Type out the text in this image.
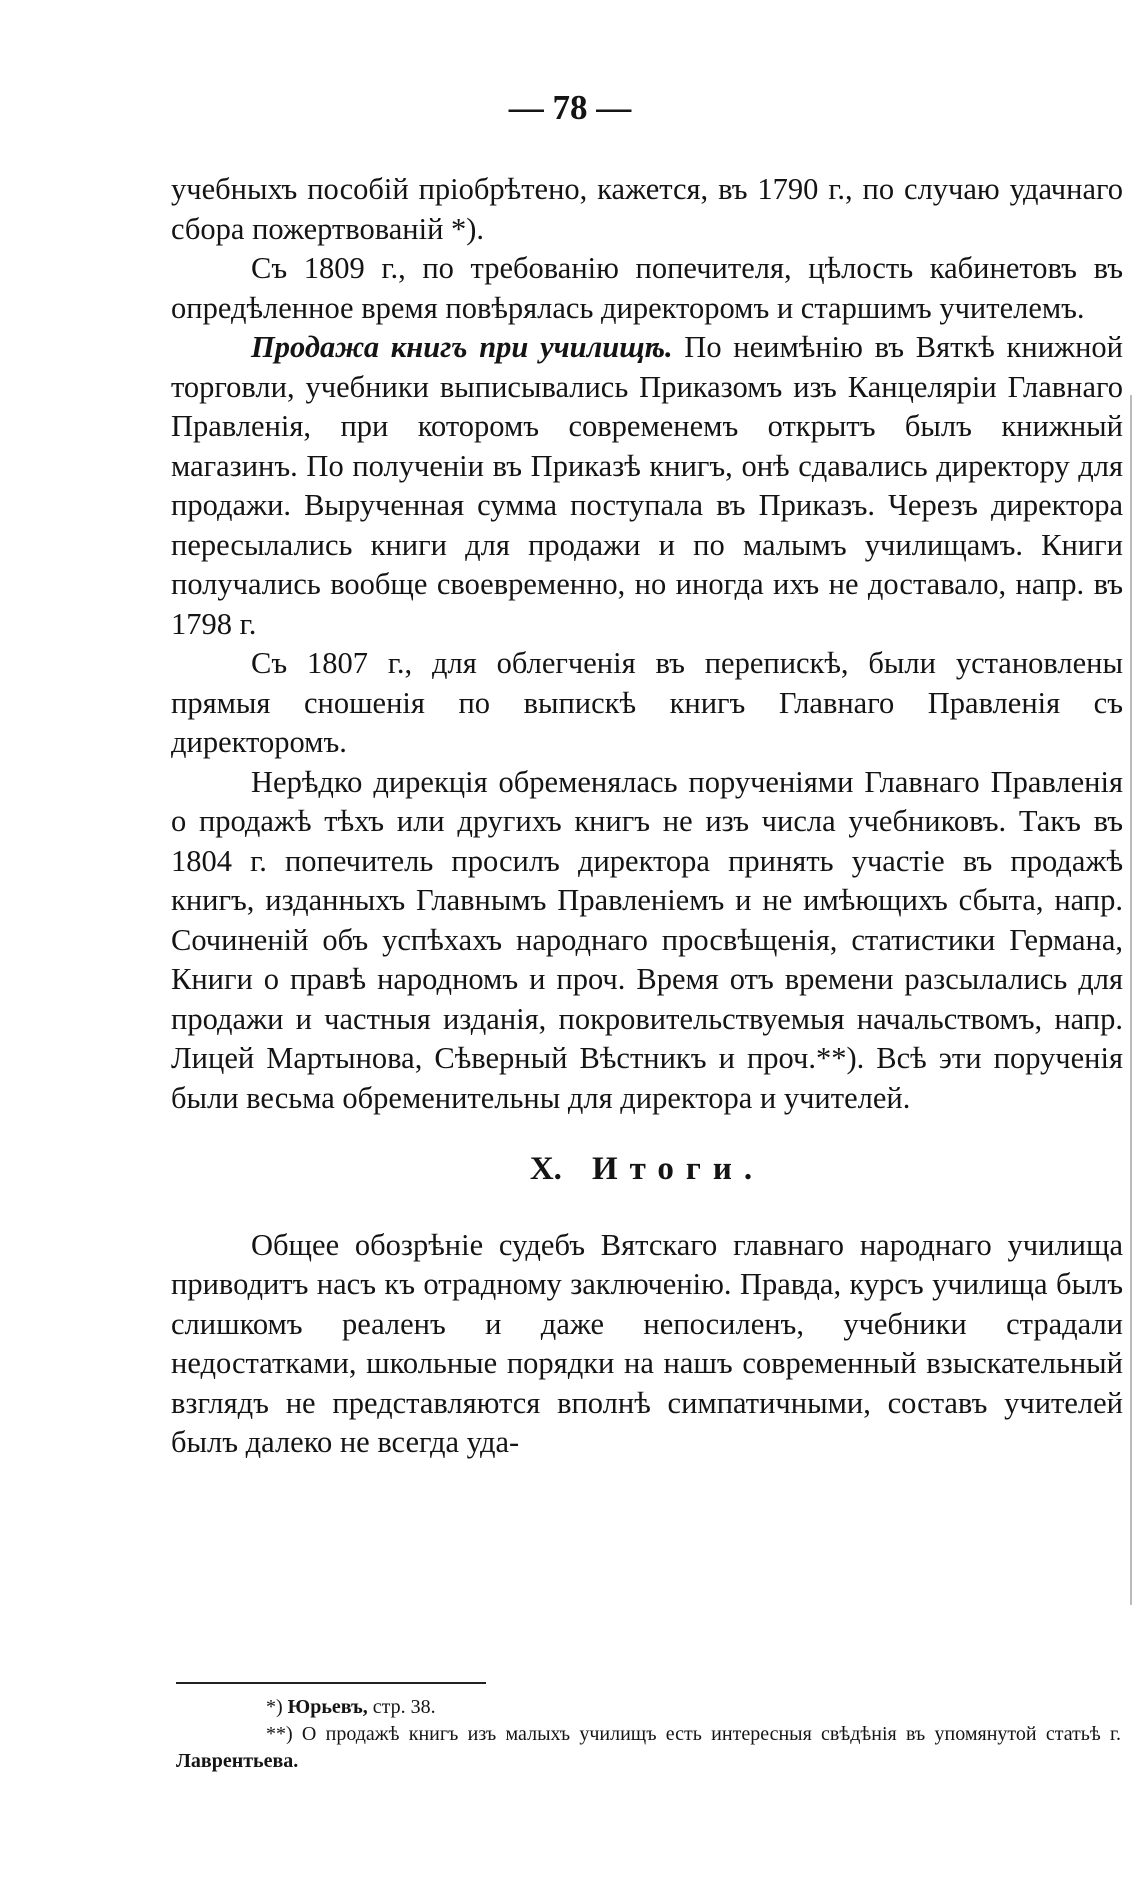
— 78 —

учебныхъ пособій пріобрѣтено, кажется, въ 1790 г., по случаю удачнаго сбора пожертвованій *).

Съ 1809 г., по требованію попечителя, цѣлость кабинетовъ въ опредѣленное время повѣрялась директоромъ и старшимъ учителемъ.

Продажа книгъ при училищѣ. По неимѣнію въ Вяткѣ книжной торговли, учебники выписывались Приказомъ изъ Канцеляріи Главнаго Правленія, при которомъ современемъ открытъ былъ книжный магазинъ. По полученіи въ Приказѣ книгъ, онѣ сдавались директору для продажи. Вырученная сумма поступала въ Приказъ. Черезъ директора пересылались книги для продажи и по малымъ училищамъ. Книги получались вообще своевременно, но иногда ихъ не доставало, напр. въ 1798 г.

Съ 1807 г., для облегченія въ перепискѣ, были установлены прямыя сношенія по выпискѣ книгъ Главнаго Правленія съ директоромъ.

Нерѣдко дирекція обременялась порученіями Главнаго Правленія о продажѣ тѣхъ или другихъ книгъ не изъ числа учебниковъ. Такъ въ 1804 г. попечитель просилъ директора принять участіе въ продажѣ книгъ, изданныхъ Главнымъ Правленіемъ и не имѣющихъ сбыта, напр. Сочиненій объ успѣхахъ народнаго просвѣщенія, статистики Германа, Книги о правѣ народномъ и проч. Время отъ времени разсылались для продажи и частныя изданія, покровительствуемыя начальствомъ, напр. Лицей Мартынова, Сѣверный Вѣстникъ и проч.**). Всѣ эти порученія были весьма обременительны для директора и учителей.

X. Итоги.

Общее обозрѣніе судебъ Вятскаго главнаго народнаго училища приводитъ насъ къ отрадному заключенію. Правда, курсъ училища былъ слишкомъ реаленъ и даже непосиленъ, учебники страдали недостатками, школьные порядки на нашъ современный взыскательный взглядъ не представляются вполнѣ симпатичными, составъ учителей былъ далеко не всегда уда-

*) Юрьевъ, стр. 38.

**) О продажѣ книгъ изъ малыхъ училищъ есть интересныя свѣдѣнія въ упомянутой статьѣ г. Лаврентьева.
